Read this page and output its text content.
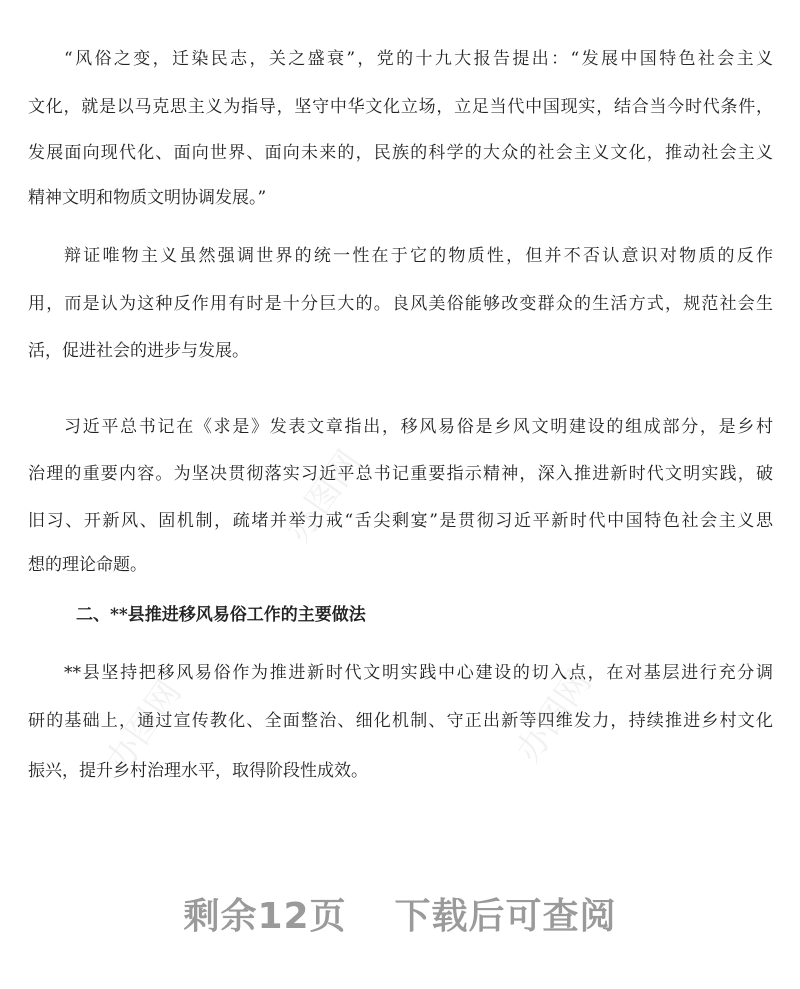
办图网
办图网
办图网
“风俗之变，迁染民志，关之盛衰”，党的十九大报告提出：“发展中国特色社会主义
文化，就是以马克思主义为指导，坚守中华文化立场，立足当代中国现实，结合当今时代条件，
发展面向现代化、面向世界、面向未来的，民族的科学的大众的社会主义文化，推动社会主义
精神文明和物质文明协调发展。”
辩证唯物主义虽然强调世界的统一性在于它的物质性，但并不否认意识对物质的反作
用，而是认为这种反作用有时是十分巨大的。良风美俗能够改变群众的生活方式，规范社会生
活，促进社会的进步与发展。
习近平总书记在《求是》发表文章指出，移风易俗是乡风文明建设的组成部分，是乡村
治理的重要内容。为坚决贯彻落实习近平总书记重要指示精神，深入推进新时代文明实践，破
旧习、开新风、固机制，疏堵并举力戒“舌尖剩宴”是贯彻习近平新时代中国特色社会主义思
想的理论命题。
二、**县推进移风易俗工作的主要做法
**县坚持把移风易俗作为推进新时代文明实践中心建设的切入点，在对基层进行充分调
研的基础上，通过宣传教化、全面整治、细化机制、守正出新等四维发力，持续推进乡村文化
振兴，提升乡村治理水平，取得阶段性成效。
剩余12页 下载后可查阅
